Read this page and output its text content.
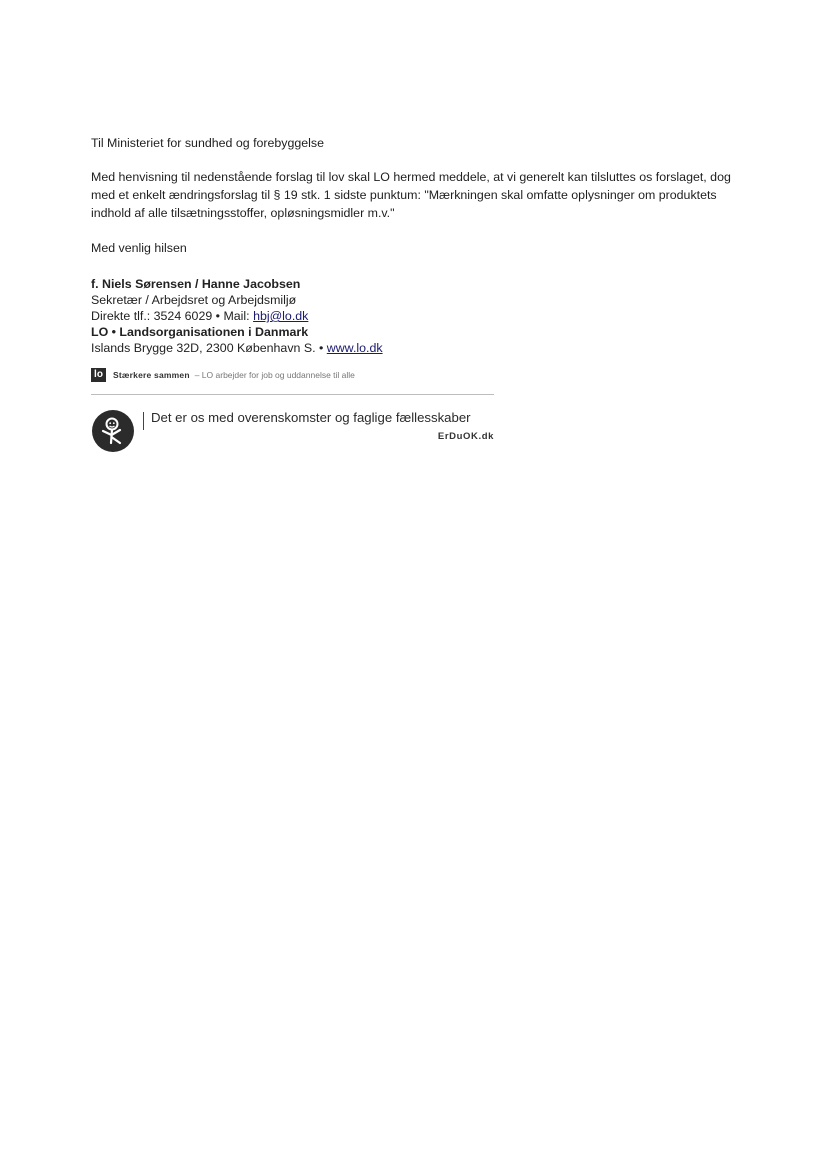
Til Ministeriet for sundhed og forebyggelse

Med henvisning til nedenstående forslag til lov skal LO hermed meddele, at vi generelt kan tilsluttes os forslaget, dog med et enkelt ændringsforslag til § 19 stk. 1 sidste punktum: "Mærkningen skal omfatte oplysninger om produktets indhold af alle tilsætningsstoffer, opløsningsmidler m.v."

Med venlig hilsen

f. Niels Sørensen / Hanne Jacobsen
Sekretær / Arbejdsret og Arbejdsmiljø
Direkte tlf.: 3524 6029 • Mail: hbj@lo.dk
LO • Landsorganisationen i Danmark
Islands Brygge 32D, 2300 København S. • www.lo.dk
lo	Stærkere sammen – LO arbejder for job og uddannelse til alle
Det er os med overenskomster og faglige fællesskaber
ErDuOK.dk
